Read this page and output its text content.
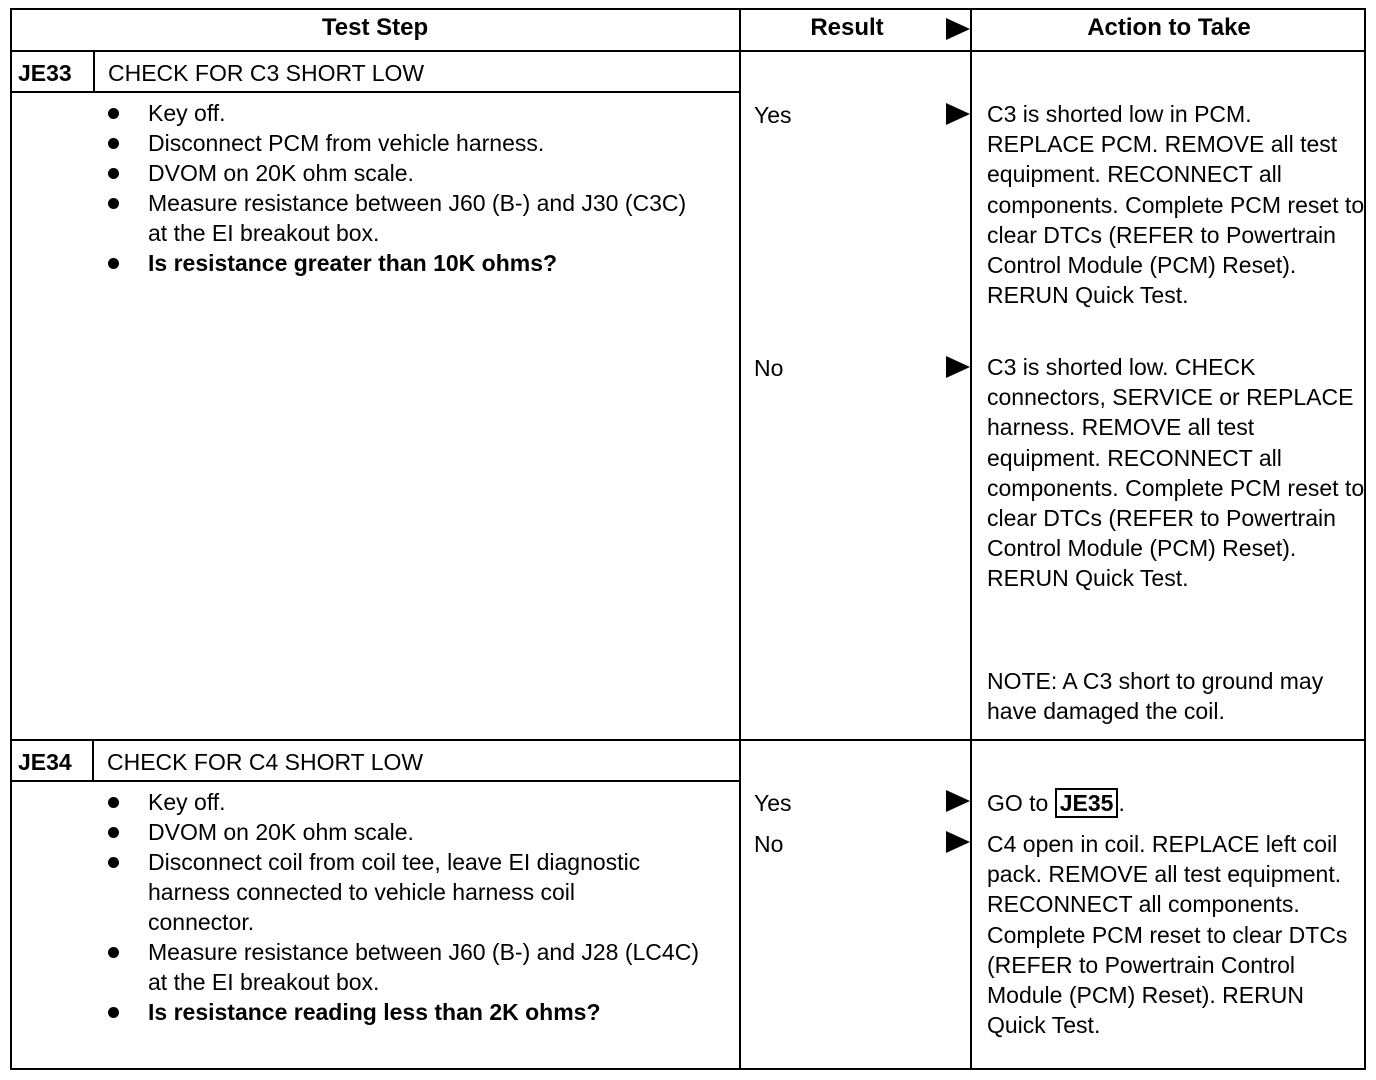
Test Step	Result	Action to Take
JE33 CHECK FOR C3 SHORT LOW
Key off.
Disconnect PCM from vehicle harness.
DVOM on 20K ohm scale.
Measure resistance between J60 (B-) and J30 (C3C) at the EI breakout box.
Is resistance greater than 10K ohms?
Yes	C3 is shorted low in PCM. REPLACE PCM. REMOVE all test equipment. RECONNECT all components. Complete PCM reset to clear DTCs (REFER to Powertrain Control Module (PCM) Reset). RERUN Quick Test.
No	C3 is shorted low. CHECK connectors, SERVICE or REPLACE harness. REMOVE all test equipment. RECONNECT all components. Complete PCM reset to clear DTCs (REFER to Powertrain Control Module (PCM) Reset). RERUN Quick Test.
NOTE: A C3 short to ground may have damaged the coil.
JE34 CHECK FOR C4 SHORT LOW
Key off.
DVOM on 20K ohm scale.
Disconnect coil from coil tee, leave EI diagnostic harness connected to vehicle harness coil connector.
Measure resistance between J60 (B-) and J28 (LC4C) at the EI breakout box.
Is resistance reading less than 2K ohms?
Yes	GO to JE35 .
No	C4 open in coil. REPLACE left coil pack. REMOVE all test equipment. RECONNECT all components. Complete PCM reset to clear DTCs (REFER to Powertrain Control Module (PCM) Reset). RERUN Quick Test.
